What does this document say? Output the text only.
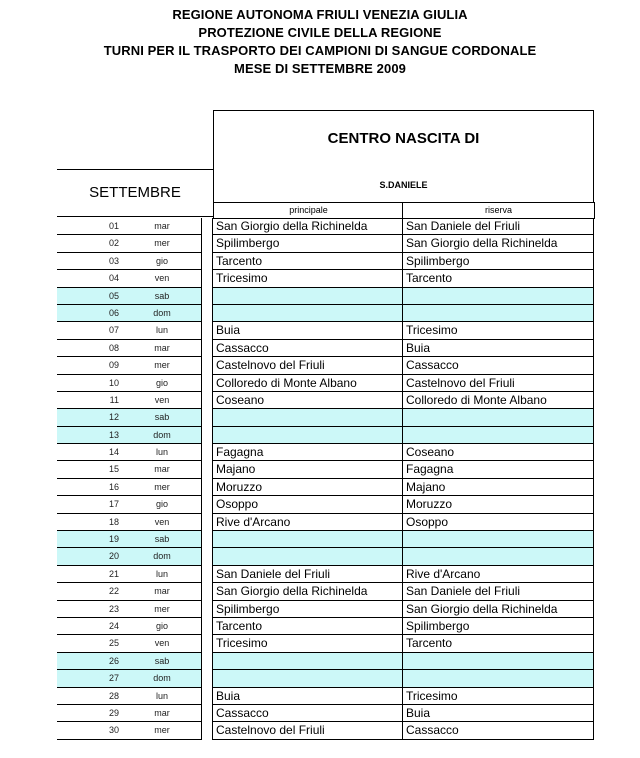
REGIONE AUTONOMA FRIULI VENEZIA GIULIA
PROTEZIONE CIVILE DELLA REGIONE
TURNI PER IL TRASPORTO DEI CAMPIONI DI SANGUE CORDONALE
MESE DI SETTEMBRE 2009
CENTRO NASCITA DI
S.DANIELE
SETTEMBRE
principale	riserva
01	mar	San Giorgio della Richinelda	San Daniele del Friuli
02	mer	Spilimbergo	San Giorgio della Richinelda
03	gio	Tarcento	Spilimbergo
04	ven	Tricesimo	Tarcento
05	sab
06	dom
07	lun	Buia	Tricesimo
08	mar	Cassacco	Buia
09	mer	Castelnovo del Friuli	Cassacco
10	gio	Colloredo di Monte Albano	Castelnovo del Friuli
11	ven	Coseano	Colloredo di Monte Albano
12	sab
13	dom
14	lun	Fagagna	Coseano
15	mar	Majano	Fagagna
16	mer	Moruzzo	Majano
17	gio	Osoppo	Moruzzo
18	ven	Rive d'Arcano	Osoppo
19	sab
20	dom
21	lun	San Daniele del Friuli	Rive d'Arcano
22	mar	San Giorgio della Richinelda	San Daniele del Friuli
23	mer	Spilimbergo	San Giorgio della Richinelda
24	gio	Tarcento	Spilimbergo
25	ven	Tricesimo	Tarcento
26	sab
27	dom
28	lun	Buia	Tricesimo
29	mar	Cassacco	Buia
30	mer	Castelnovo del Friuli	Cassacco
